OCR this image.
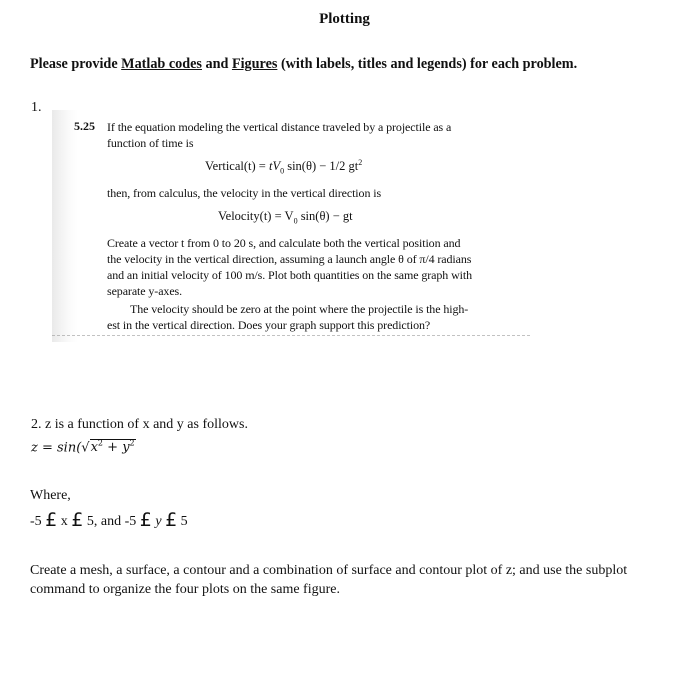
Plotting
Please provide Matlab codes and Figures (with labels, titles and legends) for each problem.
1.
5.25 If the equation modeling the vertical distance traveled by a projectile as a
function of time is
Vertical(t) = $tV_0$ sin(θ) − 1/2 $gt^2$
then, from calculus, the velocity in the vertical direction is
Velocity(t) = $V_0$ sin(θ) − gt
Create a vector t from 0 to 20 s, and calculate both the vertical position and
the velocity in the vertical direction, assuming a launch angle θ of π/4 radians
and an initial velocity of 100 m/s. Plot both quantities on the same graph with
separate y-axes.
The velocity should be zero at the point where the projectile is the high-
est in the vertical direction. Does your graph support this prediction?
2. z is a function of x and y as follows.
$z = \sin(√x^2 + y^2$
Where,
-5 £ x £ 5, and -5 £ y £ 5
Create a mesh, a surface, a contour and a combination of surface and contour plot of z; and use the subplot command to organize the four plots on the same figure.
